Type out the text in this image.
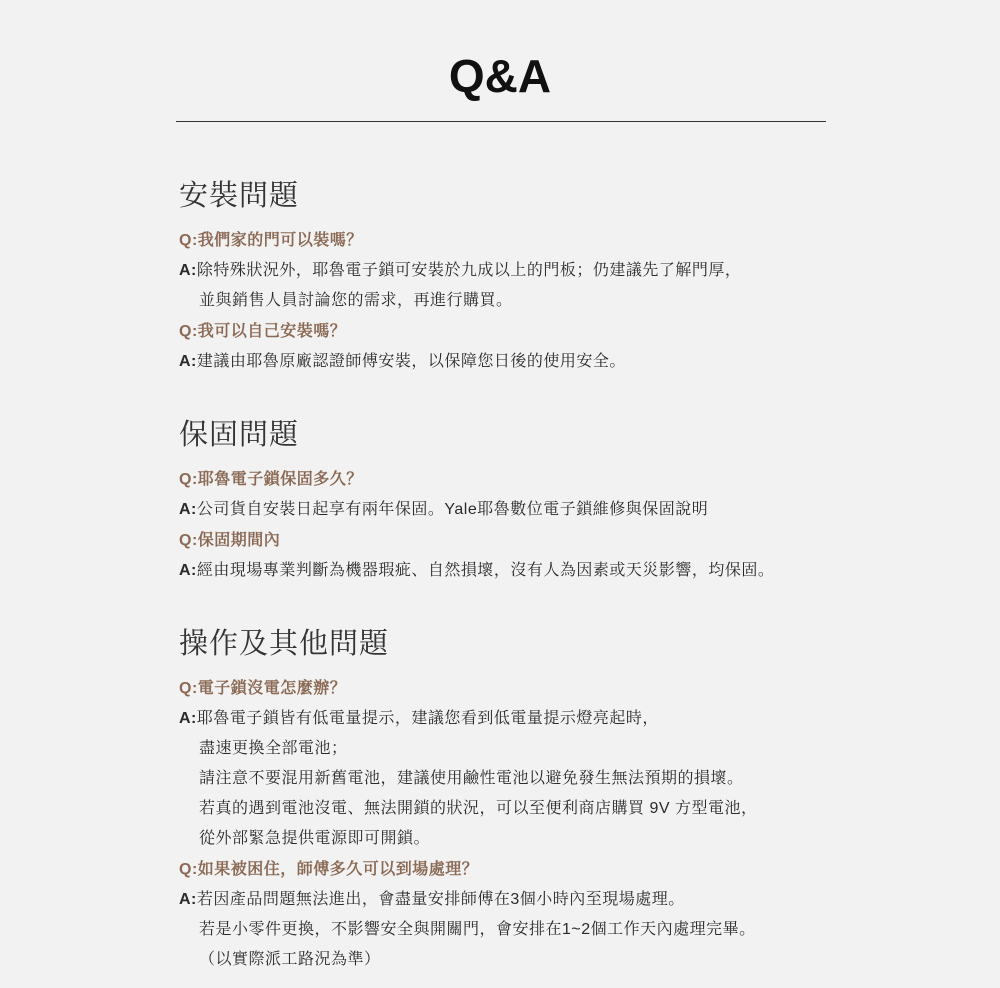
Q&A
安裝問題
Q:我們家的門可以裝嗎？
A:除特殊狀況外，耶魯電子鎖可安裝於九成以上的門板；仍建議先了解門厚，
並與銷售人員討論您的需求，再進行購買。
Q:我可以自己安裝嗎？
A:建議由耶魯原廠認證師傅安裝，以保障您日後的使用安全。
保固問題
Q:耶魯電子鎖保固多久？
A:公司貨自安裝日起享有兩年保固。Yale耶魯數位電子鎖維修與保固說明
Q:保固期間內
A:經由現場專業判斷為機器瑕疵、自然損壞，沒有人為因素或天災影響，均保固。
操作及其他問題
Q:電子鎖沒電怎麼辦？
A:耶魯電子鎖皆有低電量提示，建議您看到低電量提示燈亮起時，
盡速更換全部電池；
請注意不要混用新舊電池，建議使用鹼性電池以避免發生無法預期的損壞。
若真的遇到電池沒電、無法開鎖的狀況，可以至便利商店購買 9V 方型電池，
從外部緊急提供電源即可開鎖。
Q:如果被困住，師傅多久可以到場處理？
A:若因產品問題無法進出，會盡量安排師傅在3個小時內至現場處理。
若是小零件更換，不影響安全與開關門，會安排在1~2個工作天內處理完畢。
（以實際派工路況為準）
